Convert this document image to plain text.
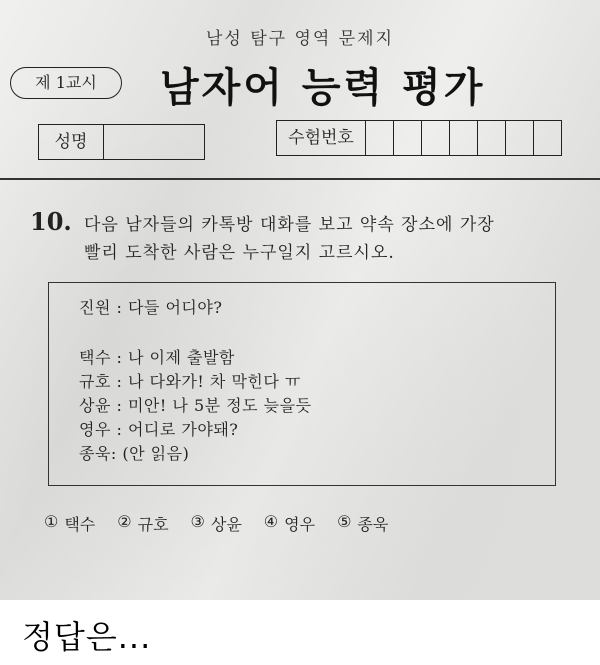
남성 탐구 영역 문제지
제 1교시	남자어 능력 평가
성명	수험번호
10. 다음 남자들의 카톡방 대화를 보고 약속 장소에 가장
빨리 도착한 사람은 누구일지 고르시오.
진원 : 다들 어디야?
택수 : 나 이제 출발함
규호 : 나 다와가! 차 막힌다 ㅠ
상윤 : 미안! 나 5분 정도 늦을듯
영우 : 어디로 가야돼?
종욱: (안 읽음)
① 택수 ② 규호 ③ 상윤 ④ 영우 ⑤ 종욱
정답은...
